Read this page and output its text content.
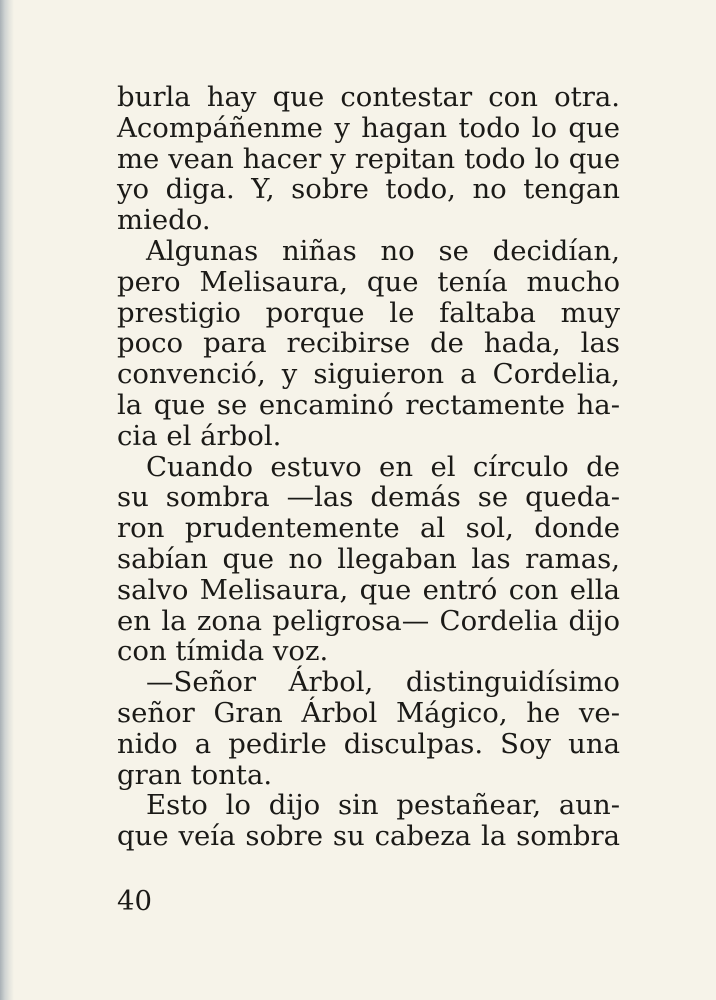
burla hay que contestar con otra.
Acompáñenme y hagan todo lo que
me vean hacer y repitan todo lo que
yo diga. Y, sobre todo, no tengan
miedo.
Algunas niñas no se decidían,
pero Melisaura, que tenía mucho
prestigio porque le faltaba muy
poco para recibirse de hada, las
convenció, y siguieron a Cordelia,
la que se encaminó rectamente ha-
cia el árbol.
Cuando estuvo en el círculo de
su sombra —las demás se queda-
ron prudentemente al sol, donde
sabían que no llegaban las ramas,
salvo Melisaura, que entró con ella
en la zona peligrosa— Cordelia dijo
con tímida voz.
—Señor Árbol, distinguidísimo
señor Gran Árbol Mágico, he ve-
nido a pedirle disculpas. Soy una
gran tonta.
Esto lo dijo sin pestañear, aun-
que veía sobre su cabeza la sombra
40
